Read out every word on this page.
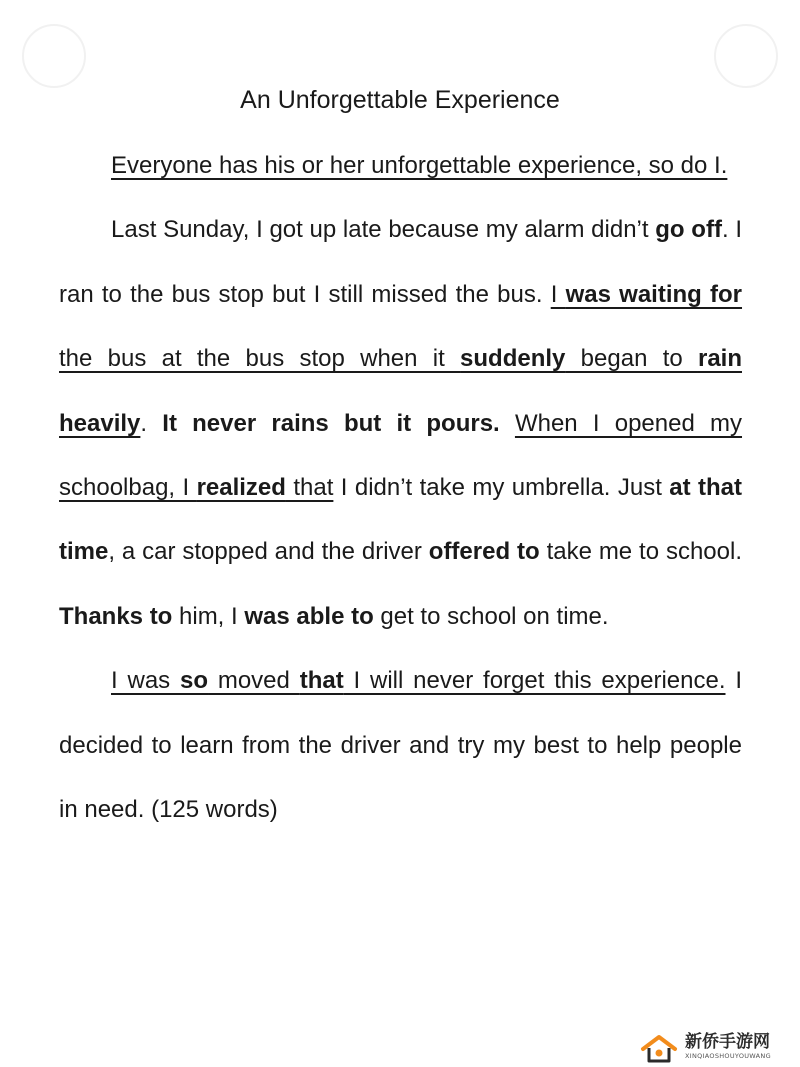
An Unforgettable Experience

Everyone has his or her unforgettable experience, so do I.

Last Sunday, I got up late because my alarm didn’t go off. I ran to the bus stop but I still missed the bus. I was waiting for the bus at the bus stop when it suddenly began to rain heavily. It never rains but it pours. When I opened my schoolbag, I realized that I didn’t take my umbrella. Just at that time, a car stopped and the driver offered to take me to school. Thanks to him, I was able to get to school on time.

I was so moved that I will never forget this experience. I decided to learn from the driver and try my best to help people in need. (125 words)

新侨手游网
XINQIAOSHOUYOUWANG
